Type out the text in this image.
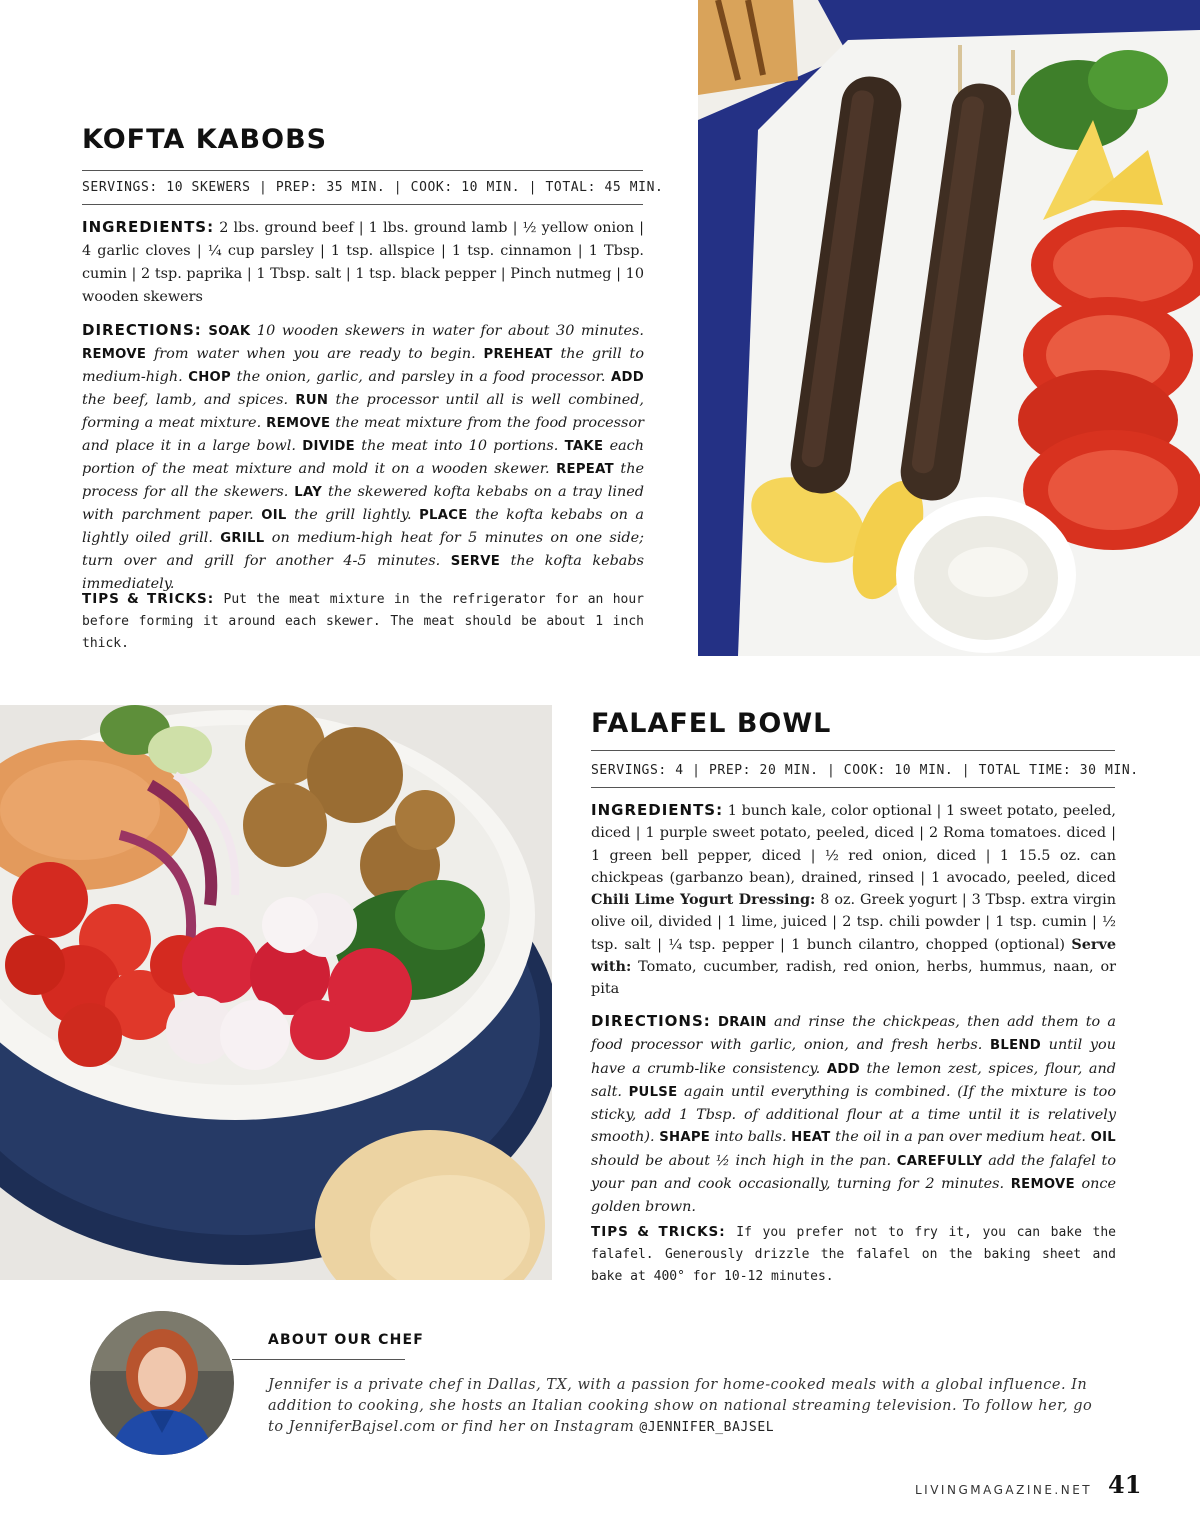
KOFTA KABOBS
SERVINGS: 10 SKEWERS | PREP: 35 MIN. | COOK: 10 MIN. | TOTAL: 45 MIN.
INGREDIENTS: 2 lbs. ground beef | 1 lbs. ground lamb | ½ yellow onion | 4 garlic cloves | ¼ cup parsley | 1 tsp. allspice | 1 tsp. cinnamon | 1 Tbsp. cumin | 2 tsp. paprika | 1 Tbsp. salt | 1 tsp. black pepper | Pinch nutmeg | 10 wooden skewers
DIRECTIONS: SOAK 10 wooden skewers in water for about 30 minutes. REMOVE from water when you are ready to begin. PREHEAT the grill to medium-high. CHOP the onion, garlic, and parsley in a food processor. ADD the beef, lamb, and spices. RUN the processor until all is well combined, forming a meat mixture. REMOVE the meat mixture from the food processor and place it in a large bowl. DIVIDE the meat into 10 portions. TAKE each portion of the meat mixture and mold it on a wooden skewer. REPEAT the process for all the skewers. LAY the skewered kofta kebabs on a tray lined with parchment paper. OIL the grill lightly. PLACE the kofta kebabs on a lightly oiled grill. GRILL on medium-high heat for 5 minutes on one side; turn over and grill for another 4-5 minutes. SERVE the kofta kebabs immediately.
TIPS & TRICKS: Put the meat mixture in the refrigerator for an hour before forming it around each skewer. The meat should be about 1 inch thick.
FALAFEL BOWL
SERVINGS: 4 | PREP: 20 MIN. | COOK: 10 MIN. | TOTAL TIME: 30 MIN.
INGREDIENTS: 1 bunch kale, color optional | 1 sweet potato, peeled, diced | 1 purple sweet potato, peeled, diced | 2 Roma tomatoes. diced | 1 green bell pepper, diced | ½ red onion, diced | 1 15.5 oz. can chickpeas (garbanzo bean), drained, rinsed | 1 avocado, peeled, diced Chili Lime Yogurt Dressing: 8 oz. Greek yogurt | 3 Tbsp. extra virgin olive oil, divided | 1 lime, juiced | 2 tsp. chili powder | 1 tsp. cumin | ½ tsp. salt | ¼ tsp. pepper | 1 bunch cilantro, chopped (optional) Serve with: Tomato, cucumber, radish, red onion, herbs, hummus, naan, or pita
DIRECTIONS: DRAIN and rinse the chickpeas, then add them to a food processor with garlic, onion, and fresh herbs. BLEND until you have a crumb-like consistency. ADD the lemon zest, spices, flour, and salt. PULSE again until everything is combined. (If the mixture is too sticky, add 1 Tbsp. of additional flour at a time until it is relatively smooth). SHAPE into balls. HEAT the oil in a pan over medium heat. OIL should be about ½ inch high in the pan. CAREFULLY add the falafel to your pan and cook occasionally, turning for 2 minutes. REMOVE once golden brown.
TIPS & TRICKS: If you prefer not to fry it, you can bake the falafel. Generously drizzle the falafel on the baking sheet and bake at 400° for 10-12 minutes.
ABOUT OUR CHEF
Jennifer is a private chef in Dallas, TX, with a passion for home-cooked meals with a global influence. In addition to cooking, she hosts an Italian cooking show on national streaming television. To follow her, go to JenniferBajsel.com or find her on Instagram @JENNIFER_BAJSEL
LIVINGMAGAZINE.NET 41
